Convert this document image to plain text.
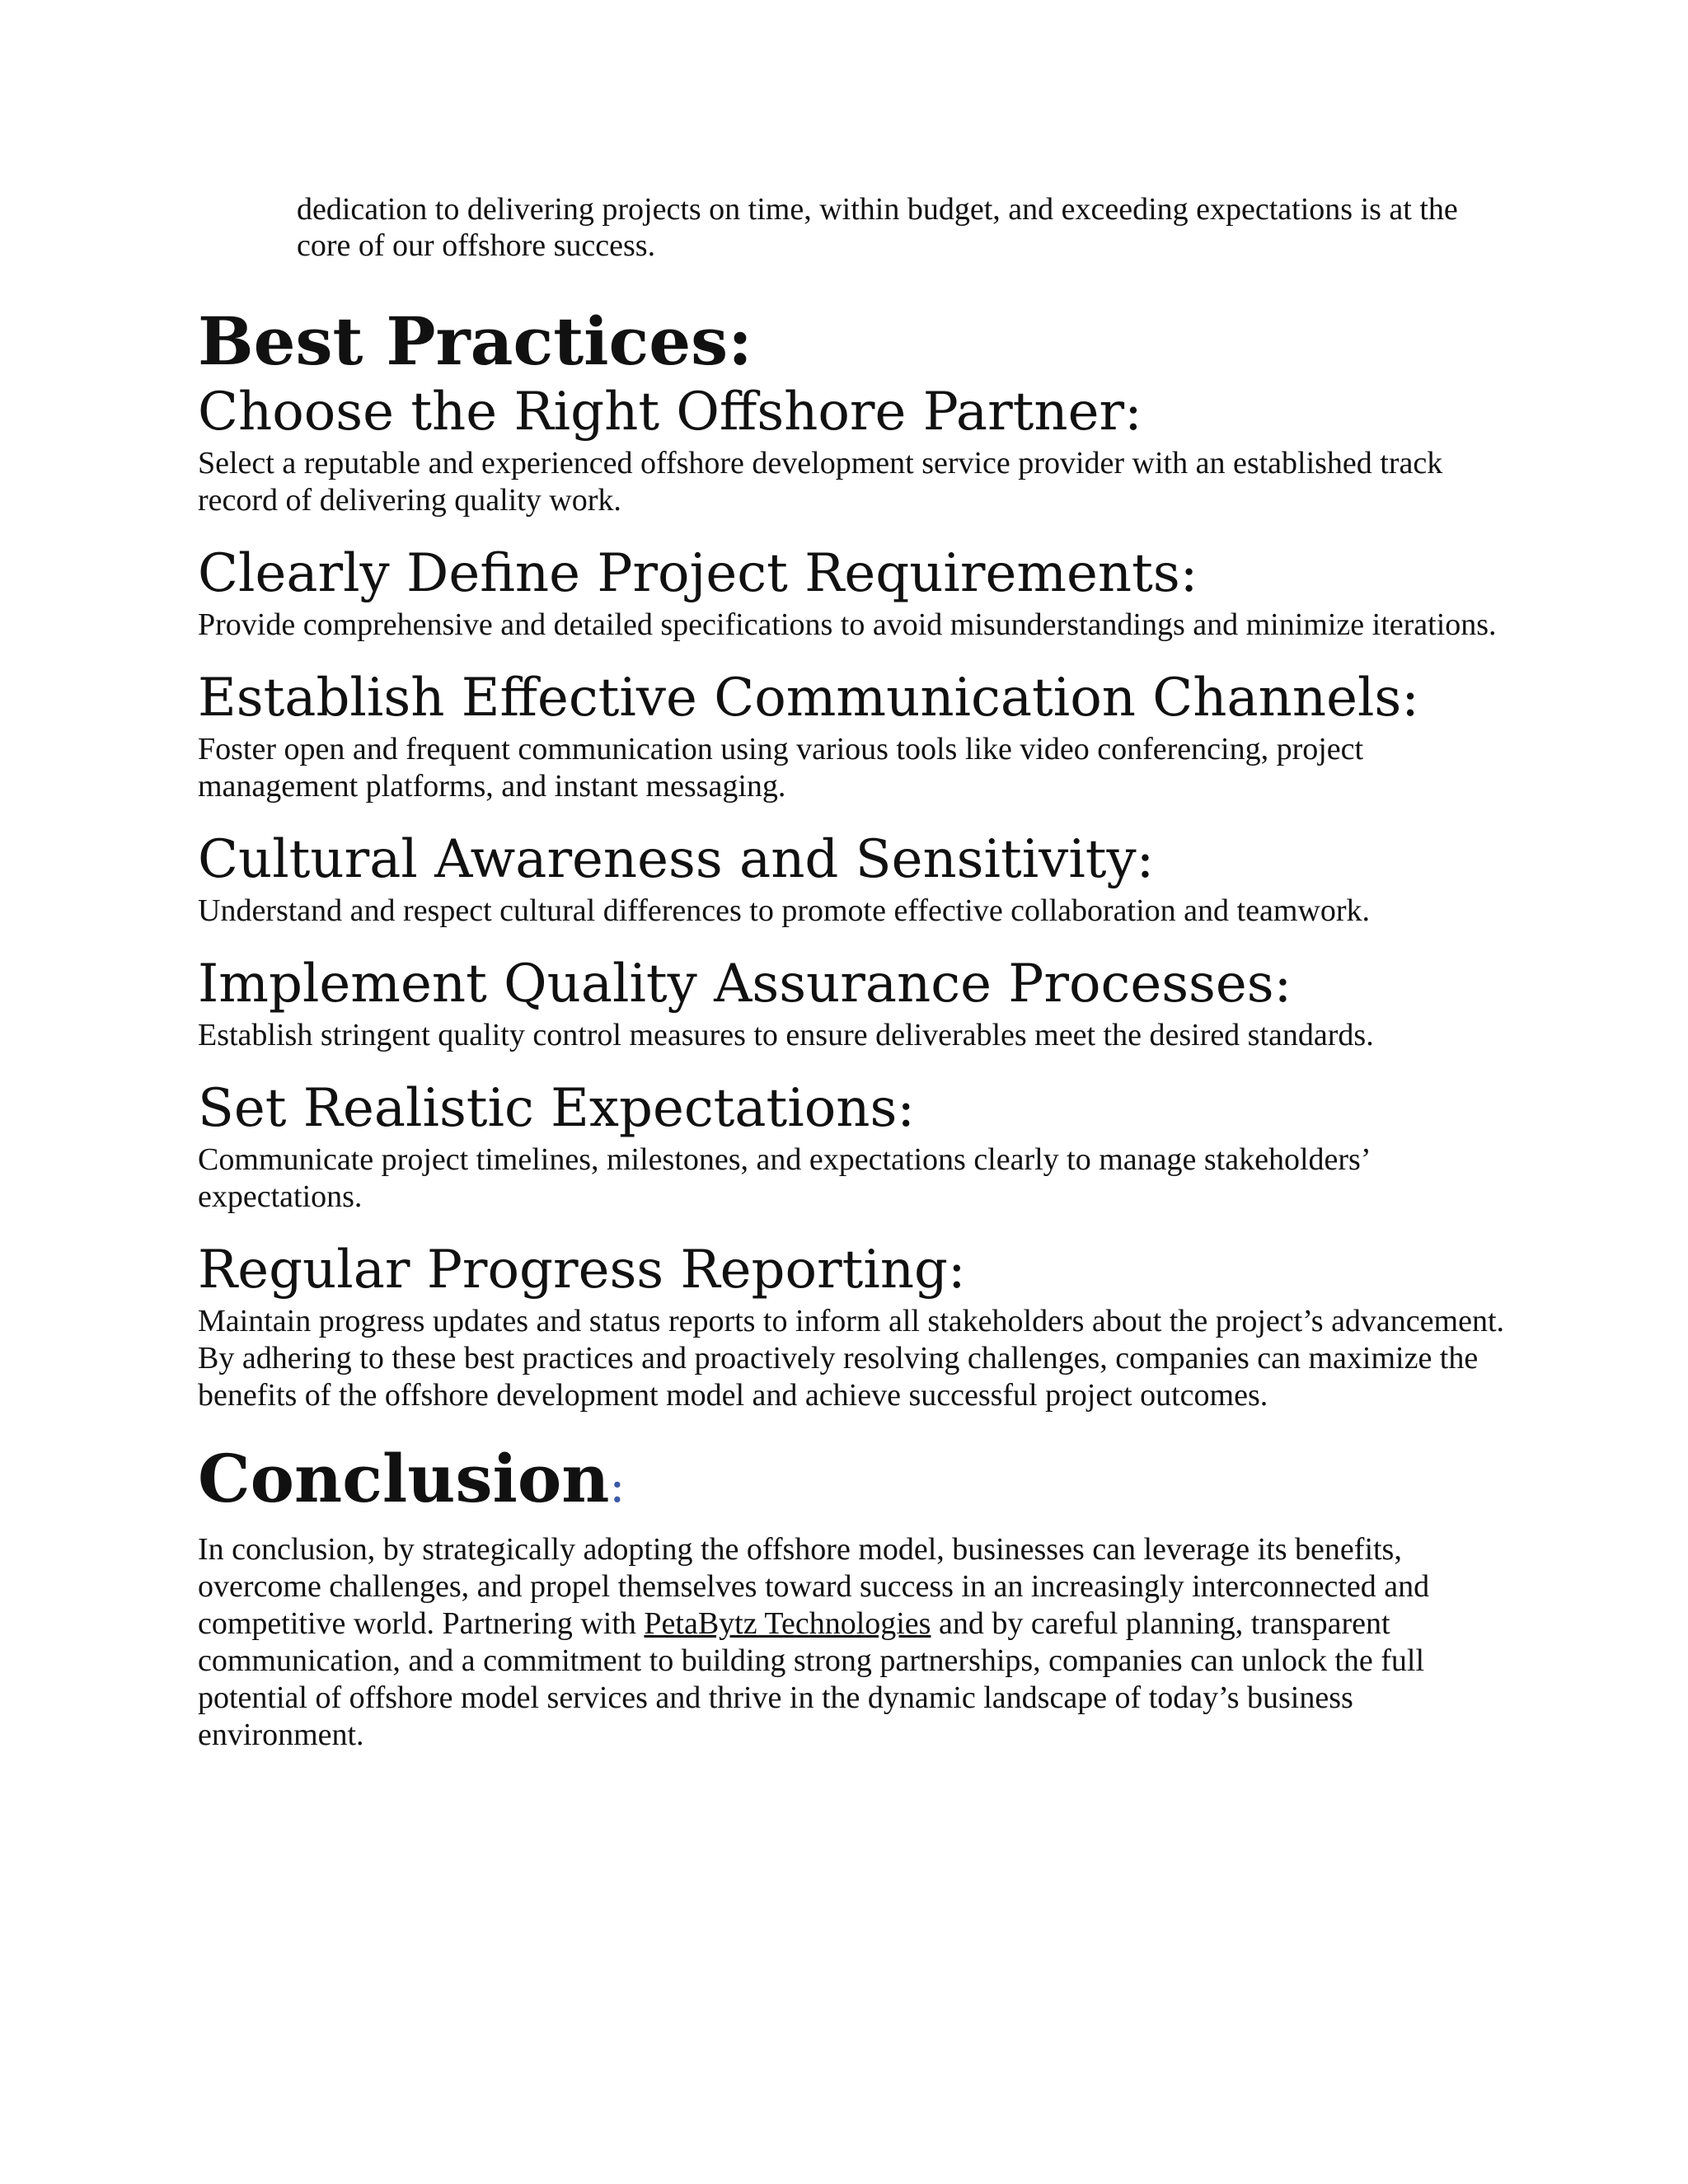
dedication to delivering projects on time, within budget, and exceeding expectations is at the core of our offshore success.

Best Practices:
Choose the Right Offshore Partner:

Select a reputable and experienced offshore development service provider with an established track record of delivering quality work.

Clearly Define Project Requirements:

Provide comprehensive and detailed specifications to avoid misunderstandings and minimize iterations.

Establish Effective Communication Channels:

Foster open and frequent communication using various tools like video conferencing, project management platforms, and instant messaging.

Cultural Awareness and Sensitivity:

Understand and respect cultural differences to promote effective collaboration and teamwork.

Implement Quality Assurance Processes:

Establish stringent quality control measures to ensure deliverables meet the desired standards.

Set Realistic Expectations:

Communicate project timelines, milestones, and expectations clearly to manage stakeholders’ expectations.

Regular Progress Reporting:

Maintain progress updates and status reports to inform all stakeholders about the project’s advancement. By adhering to these best practices and proactively resolving challenges, companies can maximize the benefits of the offshore development model and achieve successful project outcomes.

Conclusion:

In conclusion, by strategically adopting the offshore model, businesses can leverage its benefits, overcome challenges, and propel themselves toward success in an increasingly interconnected and competitive world. Partnering with PetaBytz Technologies and by careful planning, transparent communication, and a commitment to building strong partnerships, companies can unlock the full potential of offshore model services and thrive in the dynamic landscape of today’s business environment.
